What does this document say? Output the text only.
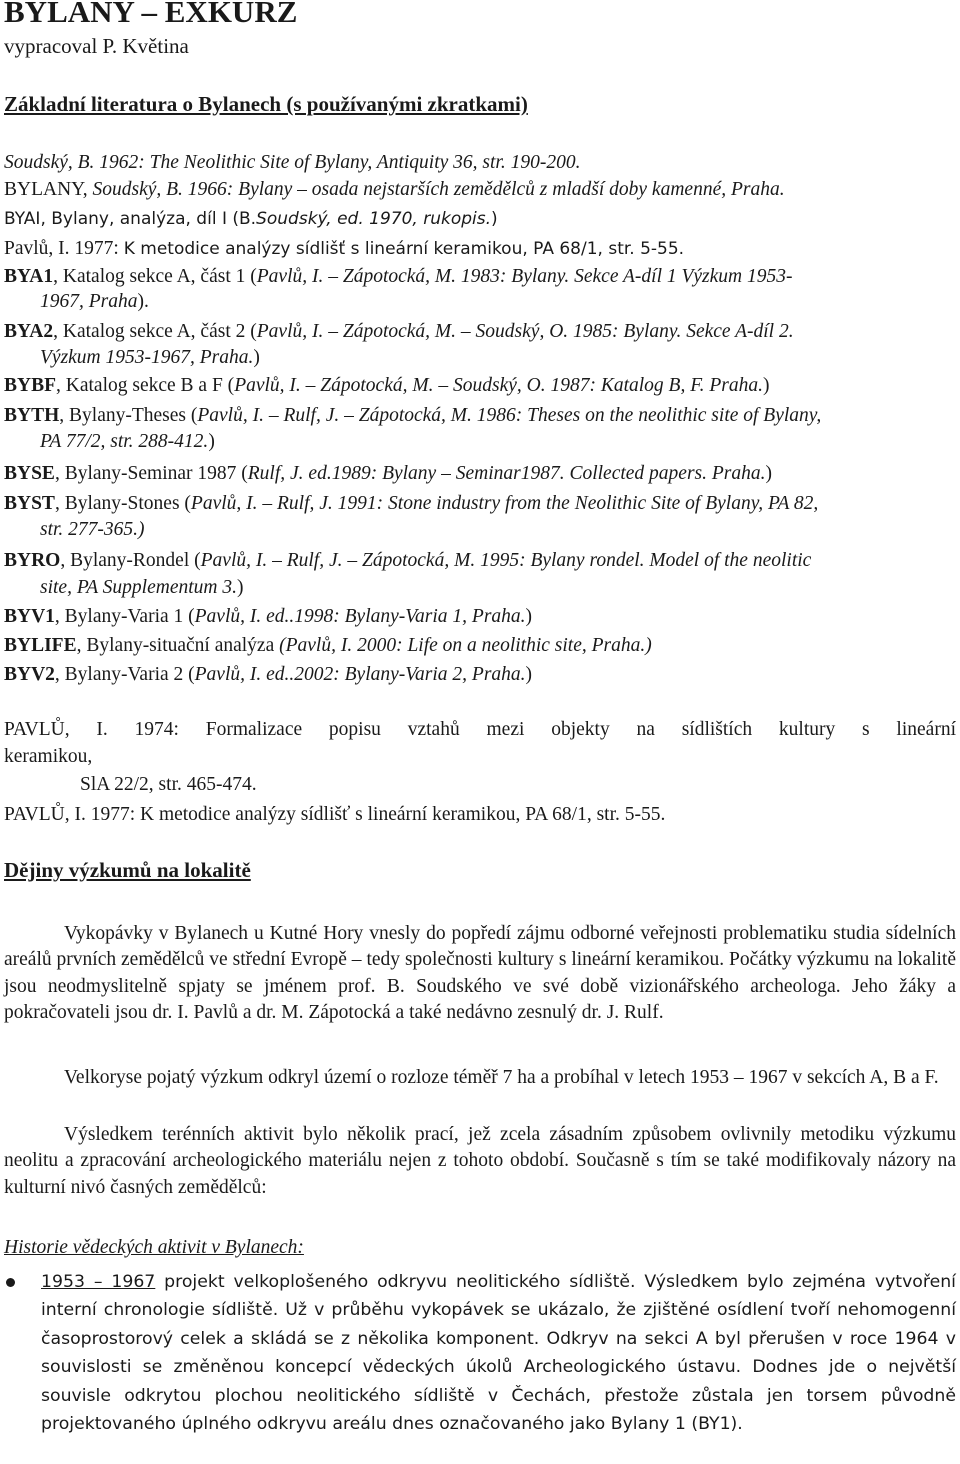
BYLANY – EXKURZ
vypracoval P. Květina
Základní literatura o Bylanech (s používanými zkratkami)
Soudský, B. 1962: The Neolithic Site of Bylany, Antiquity 36, str. 190-200.
BYLANY, Soudský, B. 1966: Bylany – osada nejstarších zemědělců z mladší doby kamenné, Praha.
BYAI, Bylany, analýza, díl I (B.Soudský, ed. 1970, rukopis.)
Pavlů, I. 1977: K metodice analýzy sídlišť s lineární keramikou, PA 68/1, str. 5-55.
BYA1, Katalog sekce A, část 1 (Pavlů, I. – Zápotocká, M. 1983: Bylany. Sekce A-díl 1 Výzkum 1953-
1967, Praha).
BYA2, Katalog sekce A, část 2 (Pavlů, I. – Zápotocká, M. – Soudský, O. 1985: Bylany. Sekce A-díl 2.
Výzkum 1953-1967, Praha.)
BYBF, Katalog sekce B a F (Pavlů, I. – Zápotocká, M. – Soudský, O. 1987: Katalog B, F. Praha.)
BYTH, Bylany-Theses (Pavlů, I. – Rulf, J. – Zápotocká, M. 1986: Theses on the neolithic site of Bylany,
PA 77/2, str. 288-412.)
BYSE, Bylany-Seminar 1987 (Rulf, J. ed.1989: Bylany – Seminar1987. Collected papers. Praha.)
BYST, Bylany-Stones (Pavlů, I. – Rulf, J. 1991: Stone industry from the Neolithic Site of Bylany, PA 82,
str. 277-365.)
BYRO, Bylany-Rondel (Pavlů, I. – Rulf, J. – Zápotocká, M. 1995: Bylany rondel. Model of the neolitic
site, PA Supplementum 3.)
BYV1, Bylany-Varia 1 (Pavlů, I. ed..1998: Bylany-Varia 1, Praha.)
BYLIFE, Bylany-situační analýza (Pavlů, I. 2000: Life on a neolithic site, Praha.)
BYV2, Bylany-Varia 2 (Pavlů, I. ed..2002: Bylany-Varia 2, Praha.)
PAVLŮ, I. 1974: Formalizace popisu vztahů mezi objekty na sídlištích kultury s lineární
keramikou,
SlA 22/2, str. 465-474.
PAVLŮ, I. 1977: K metodice analýzy sídlišť s lineární keramikou, PA 68/1, str. 5-55.
Dějiny výzkumů na lokalitě
Vykopávky v Bylanech u Kutné Hory vnesly do popředí zájmu odborné veřejnosti problematiku studia sídelních areálů prvních zemědělců ve střední Evropě – tedy společnosti kultury s lineární keramikou. Počátky výzkumu na lokalitě jsou neodmyslitelně spjaty se jménem prof. B. Soudského ve své době vizionářského archeologa. Jeho žáky a pokračovateli jsou dr. I. Pavlů a dr. M. Zápotocká a také nedávno zesnulý dr. J. Rulf.
Velkoryse pojatý výzkum odkryl území o rozloze téměř 7 ha a probíhal v letech 1953 – 1967 v sekcích A, B a F.
Výsledkem terénních aktivit bylo několik prací, jež zcela zásadním způsobem ovlivnily metodiku výzkumu neolitu a zpracování archeologického materiálu nejen z tohoto období. Současně s tím se také modifikovaly názory na kulturní nivó časných zemědělců:
Historie vědeckých aktivit v Bylanech:
1953 – 1967 projekt velkoplošeného odkryvu neolitického sídliště. Výsledkem bylo zejména vytvoření interní chronologie sídliště. Už v průběhu vykopávek se ukázalo, že zjištěné osídlení tvoří nehomogenní časoprostorový celek a skládá se z několika komponent. Odkryv na sekci A byl přerušen v roce 1964 v souvislosti se změněnou koncepcí vědeckých úkolů Archeologického ústavu. Dodnes jde o největší souvisle odkrytou plochou neolitického sídliště v Čechách, přestože zůstala jen torsem původně projektovaného úplného odkryvu areálu dnes označovaného jako Bylany 1 (BY1).
